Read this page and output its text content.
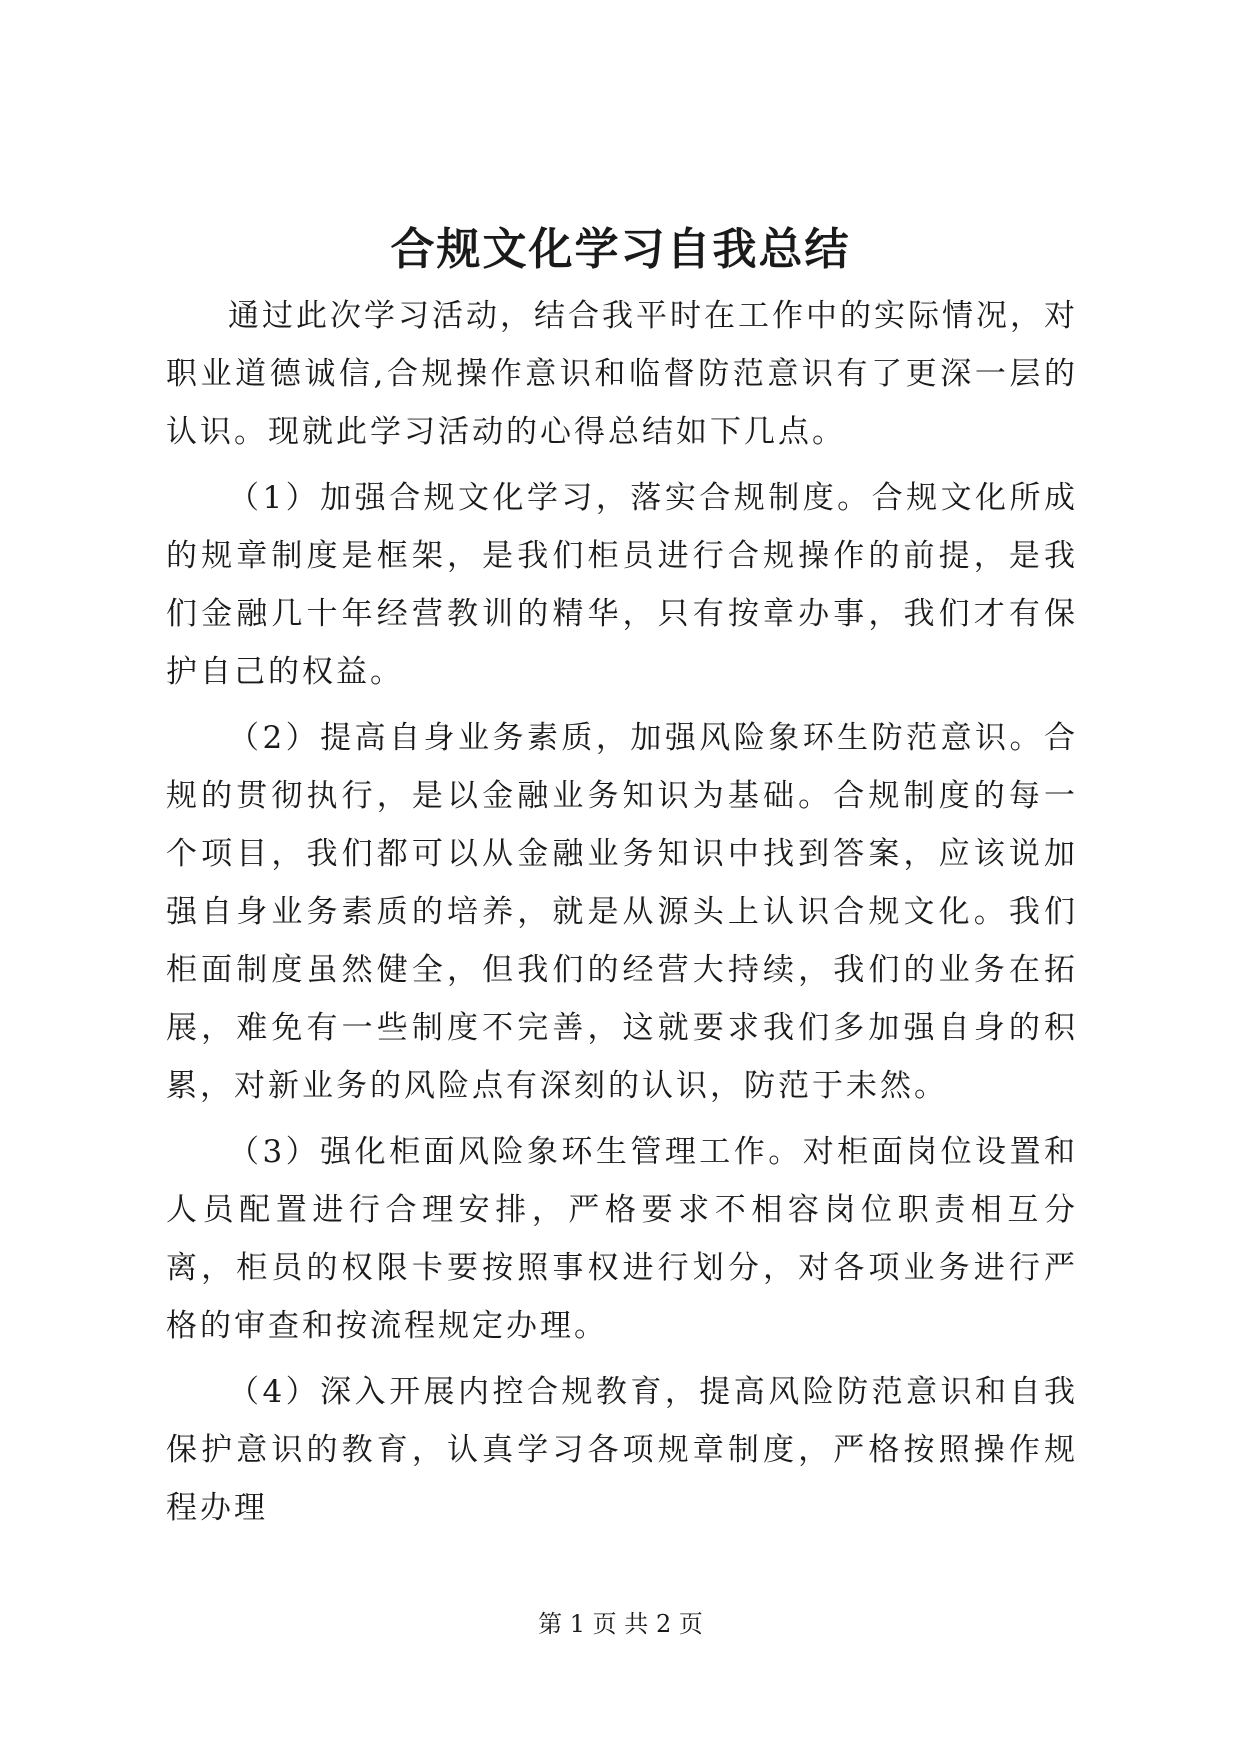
合规文化学习自我总结

通过此次学习活动，结合我平时在工作中的实际情况，对职业道德诚信,合规操作意识和临督防范意识有了更深一层的认识。现就此学习活动的心得总结如下几点。

（1）加强合规文化学习，落实合规制度。合规文化所成的规章制度是框架，是我们柜员进行合规操作的前提，是我们金融几十年经营教训的精华，只有按章办事，我们才有保护自己的权益。

（2）提高自身业务素质，加强风险象环生防范意识。合规的贯彻执行，是以金融业务知识为基础。合规制度的每一个项目，我们都可以从金融业务知识中找到答案，应该说加强自身业务素质的培养，就是从源头上认识合规文化。我们柜面制度虽然健全，但我们的经营大持续，我们的业务在拓展，难免有一些制度不完善，这就要求我们多加强自身的积累，对新业务的风险点有深刻的认识，防范于未然。

（3）强化柜面风险象环生管理工作。对柜面岗位设置和人员配置进行合理安排，严格要求不相容岗位职责相互分离，柜员的权限卡要按照事权进行划分，对各项业务进行严格的审查和按流程规定办理。

（4）深入开展内控合规教育，提高风险防范意识和自我保护意识的教育，认真学习各项规章制度，严格按照操作规程办理

第 1 页 共 2 页
